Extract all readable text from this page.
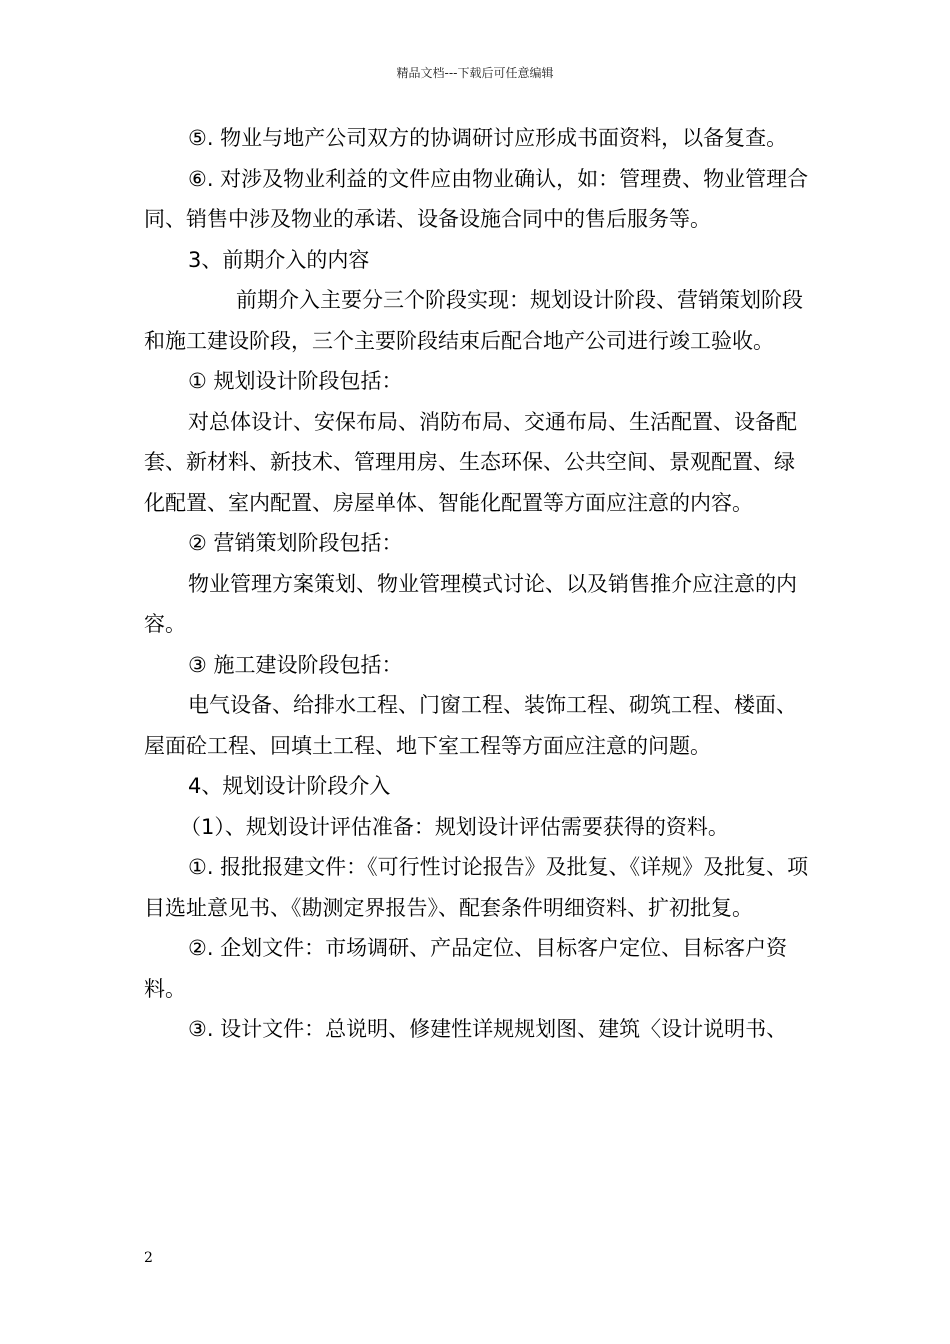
精品文档---下载后可任意编辑

⑤. 物业与地产公司双方的协调研讨应形成书面资料，以备复查。

⑥. 对涉及物业利益的文件应由物业确认，如：管理费、物业管理合同、销售中涉及物业的承诺、设备设施合同中的售后服务等。

3、前期介入的内容

前期介入主要分三个阶段实现：规划设计阶段、营销策划阶段和施工建设阶段，三个主要阶段结束后配合地产公司进行竣工验收。

① 规划设计阶段包括：

对总体设计、安保布局、消防布局、交通布局、生活配置、设备配套、新材料、新技术、管理用房、生态环保、公共空间、景观配置、绿化配置、室内配置、房屋单体、智能化配置等方面应注意的内容。

② 营销策划阶段包括：

物业管理方案策划、物业管理模式讨论、以及销售推介应注意的内容。

③ 施工建设阶段包括：

电气设备、给排水工程、门窗工程、装饰工程、砌筑工程、楼面、屋面砼工程、回填土工程、地下室工程等方面应注意的问题。

4、规划设计阶段介入

（1）、规划设计评估准备：规划设计评估需要获得的资料。

①. 报批报建文件：《可行性讨论报告》及批复、《详规》及批复、项目选址意见书、《勘测定界报告》、配套条件明细资料、扩初批复。

②. 企划文件：市场调研、产品定位、目标客户定位、目标客户资料。

③. 设计文件：总说明、修建性详规规划图、建筑〈设计说明书、

2
